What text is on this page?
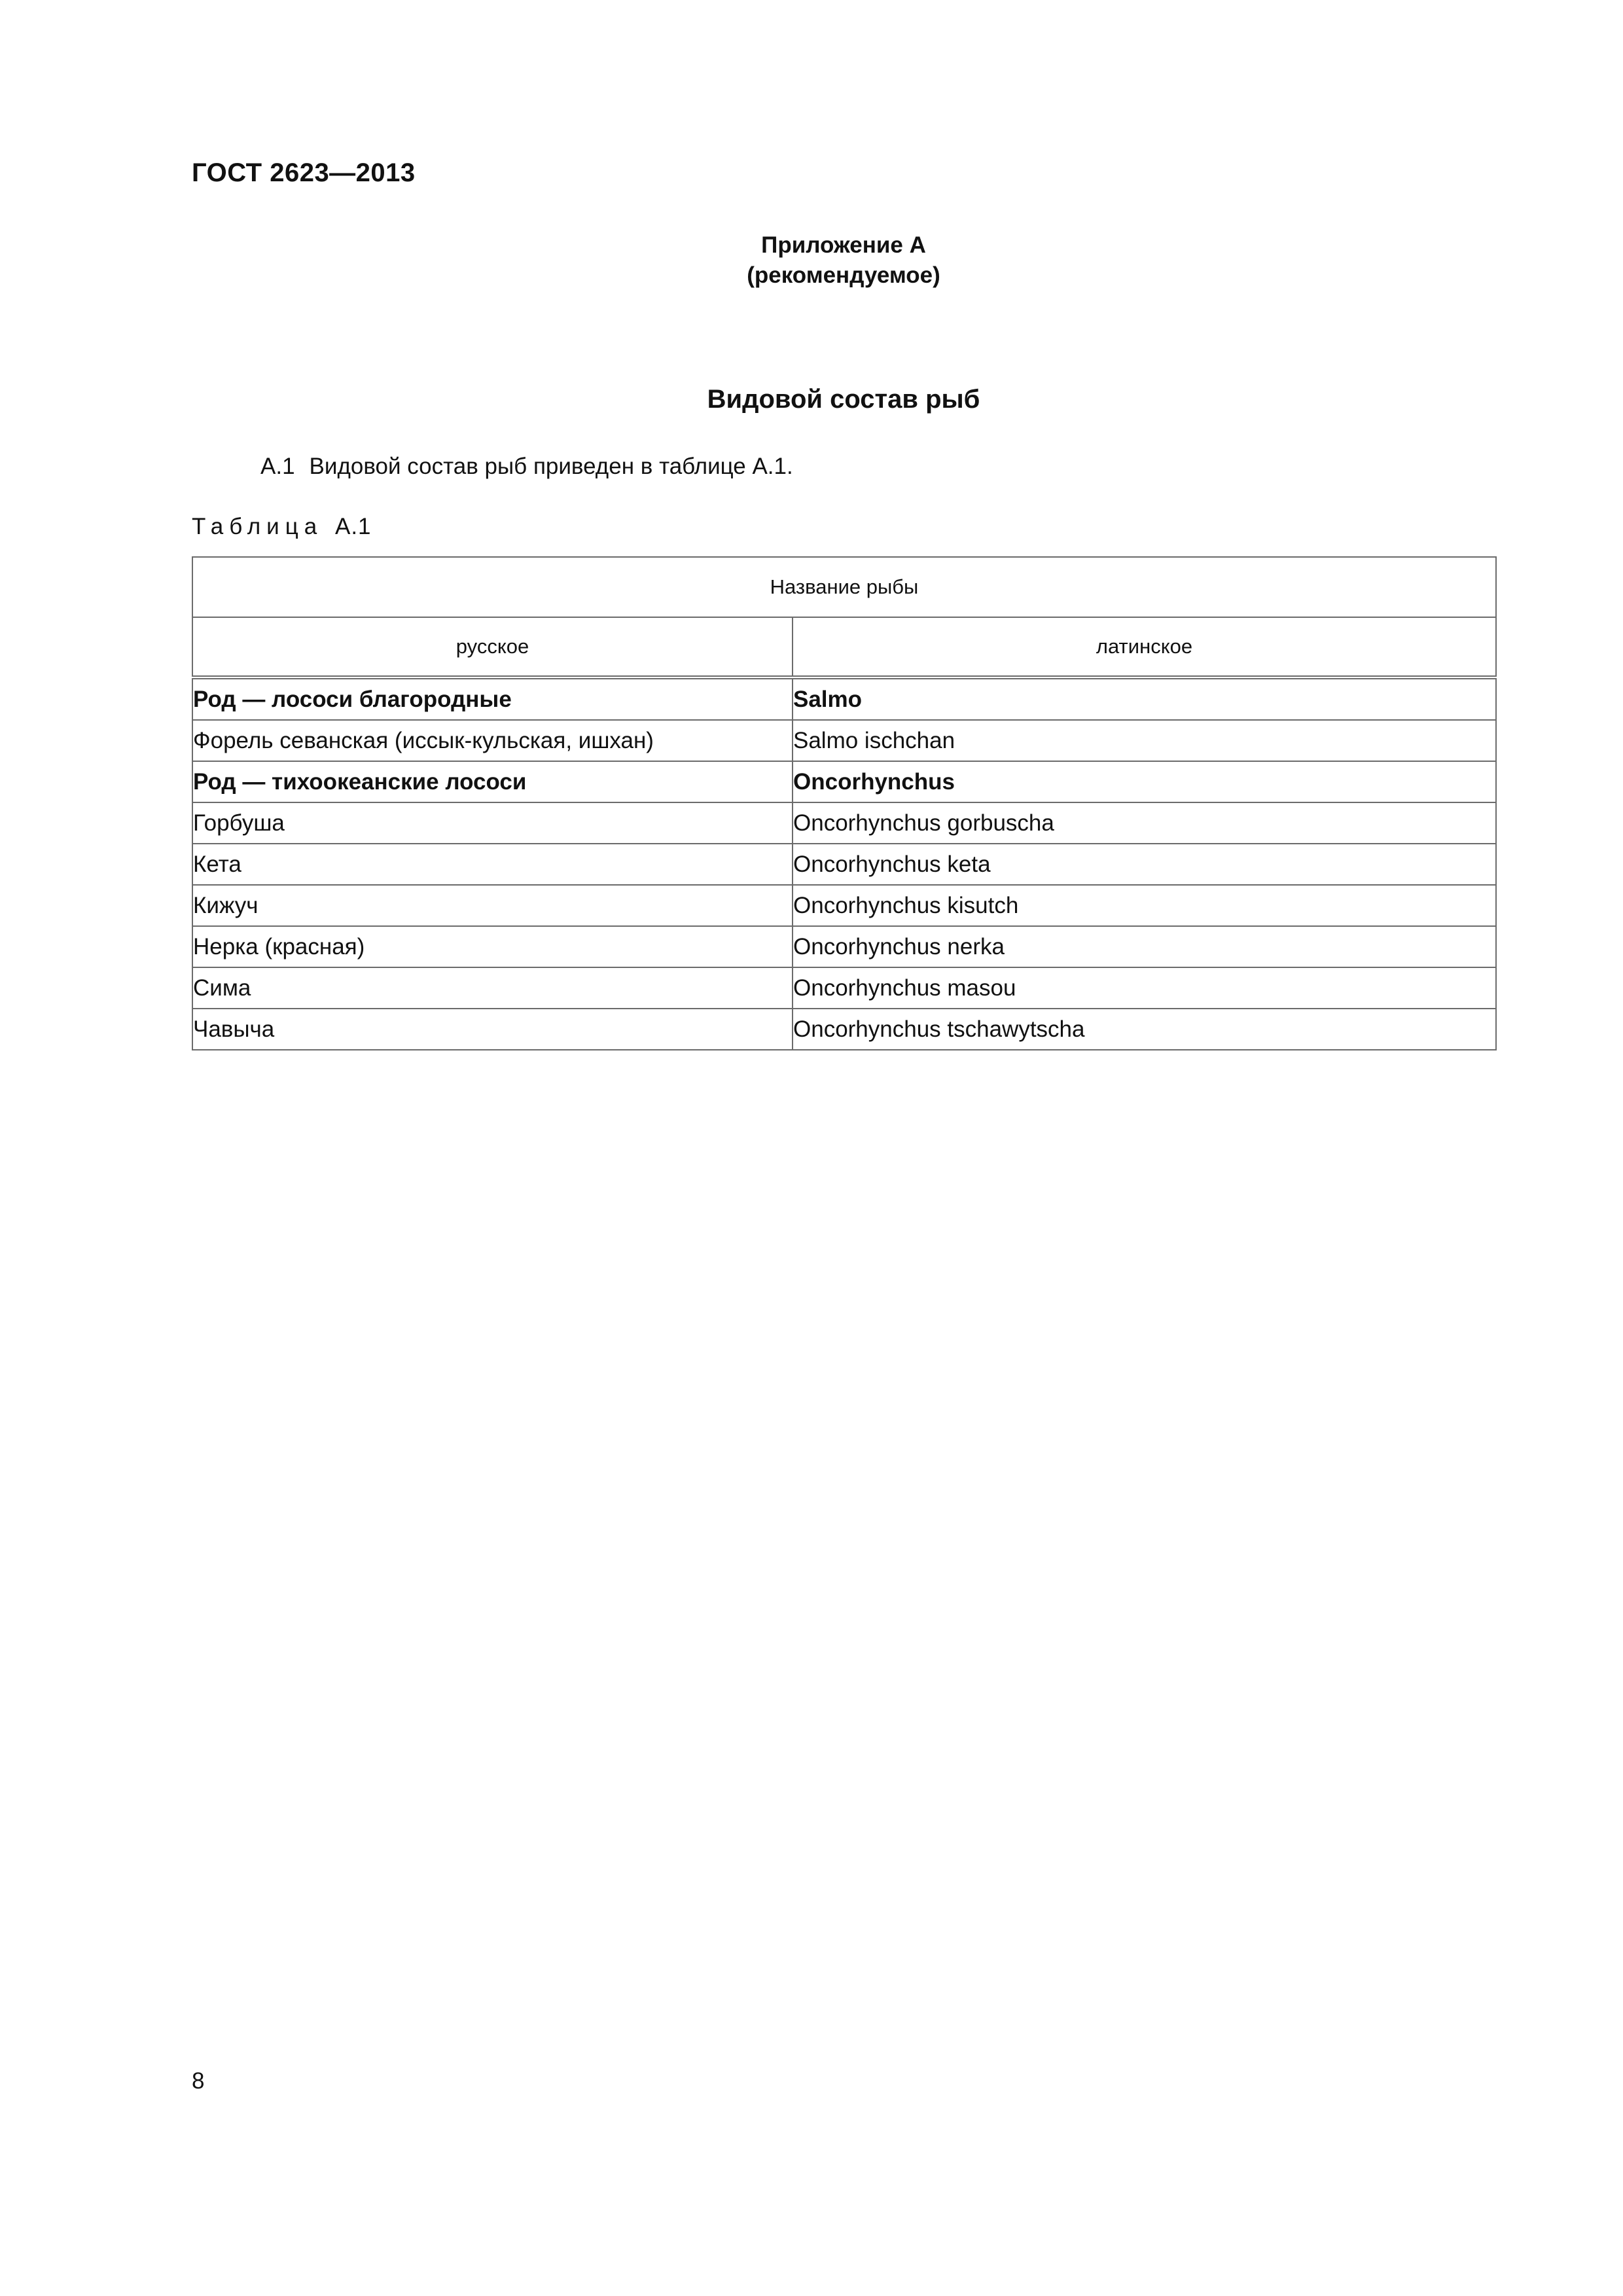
ГОСТ 2623—2013
Приложение А
(рекомендуемое)
Видовой состав рыб
А.1 Видовой состав рыб приведен в таблице А.1.
Таблица А.1
Название рыбы	
русское	латинское
Род — лососи благородные	Salmo
Форель севанская (иссык-кульская, ишхан)	Salmo ischchan
Род — тихоокеанские лососи	Oncorhynchus
Горбуша	Oncorhynchus gorbuscha
Кета	Oncorhynchus keta
Кижуч	Oncorhynchus kisutch
Нерка (красная)	Oncorhynchus nerka
Сима	Oncorhynchus masou
Чавыча	Oncorhynchus tschawytscha
8
